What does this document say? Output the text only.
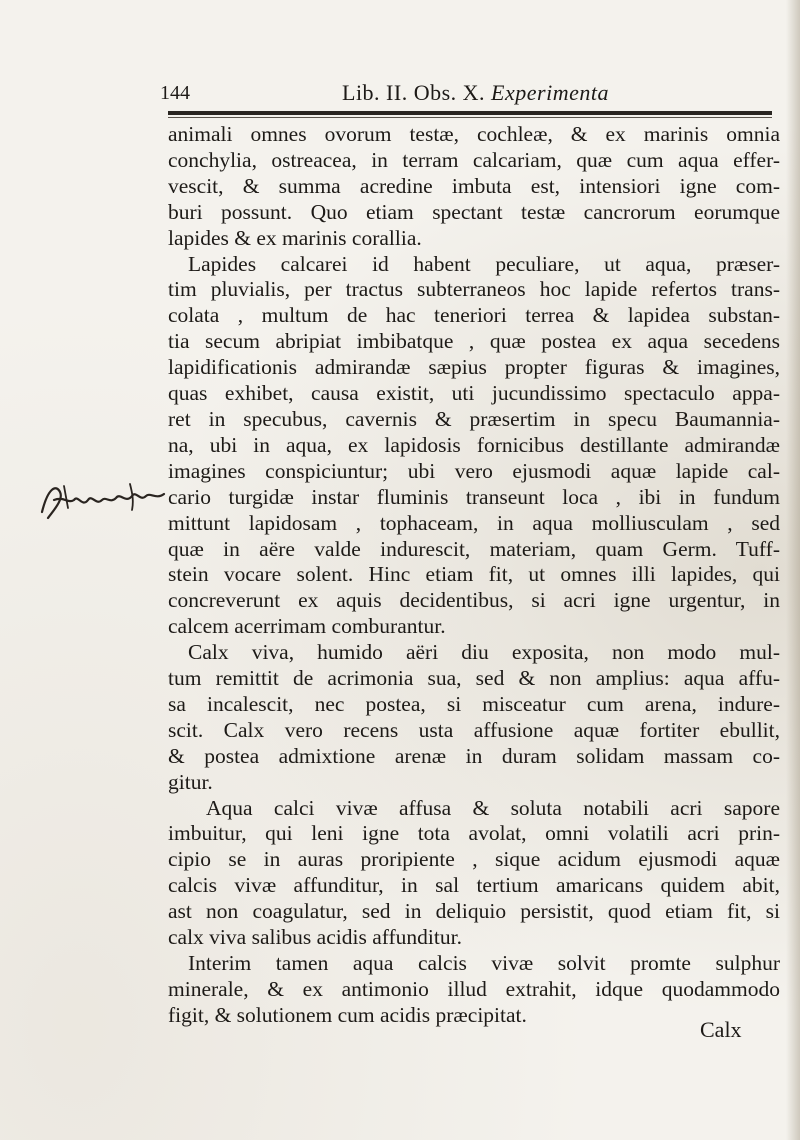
144	Lib. II. Obs. X. Experimenta
animali omnes ovorum testæ, cochleæ, & ex marinis omnia
conchylia, ostreacea, in terram calcariam, quæ cum aqua effer-
vescit, & summa acredine imbuta est, intensiori igne com-
buri possunt. Quo etiam spectant testæ cancrorum eorumque
lapides & ex marinis corallia.
Lapides calcarei id habent peculiare, ut aqua, præser-
tim pluvialis, per tractus subterraneos hoc lapide refertos trans-
colata , multum de hac teneriori terrea & lapidea substan-
tia secum abripiat imbibatque , quæ postea ex aqua secedens
lapidificationis admirandæ sæpius propter figuras & imagines,
quas exhibet, causa existit, uti jucundissimo spectaculo appa-
ret in specubus, cavernis & præsertim in specu Baumannia-
na, ubi in aqua, ex lapidosis fornicibus destillante admirandæ
imagines conspiciuntur; ubi vero ejusmodi aquæ lapide cal-
cario turgidæ instar fluminis transeunt loca , ibi in fundum
mittunt lapidosam , tophaceam, in aqua molliusculam , sed
quæ in aëre valde indurescit, materiam, quam Germ. Tuff-
stein vocare solent. Hinc etiam fit, ut omnes illi lapides, qui
concreverunt ex aquis decidentibus, si acri igne urgentur, in
calcem acerrimam comburantur.
Calx viva, humido aëri diu exposita, non modo mul-
tum remittit de acrimonia sua, sed & non amplius: aqua affu-
sa incalescit, nec postea, si misceatur cum arena, indure-
scit. Calx vero recens usta affusione aquæ fortiter ebullit,
& postea admixtione arenæ in duram solidam massam co-
gitur.
Aqua calci vivæ affusa & soluta notabili acri sapore
imbuitur, qui leni igne tota avolat, omni volatili acri prin-
cipio se in auras proripiente , sique acidum ejusmodi aquæ
calcis vivæ affunditur, in sal tertium amaricans quidem abit,
ast non coagulatur, sed in deliquio persistit, quod etiam fit, si
calx viva salibus acidis affunditur.
Interim tamen aqua calcis vivæ solvit promte sulphur
minerale, & ex antimonio illud extrahit, idque quodammodo
figit, & solutionem cum acidis præcipitat.
Calx
